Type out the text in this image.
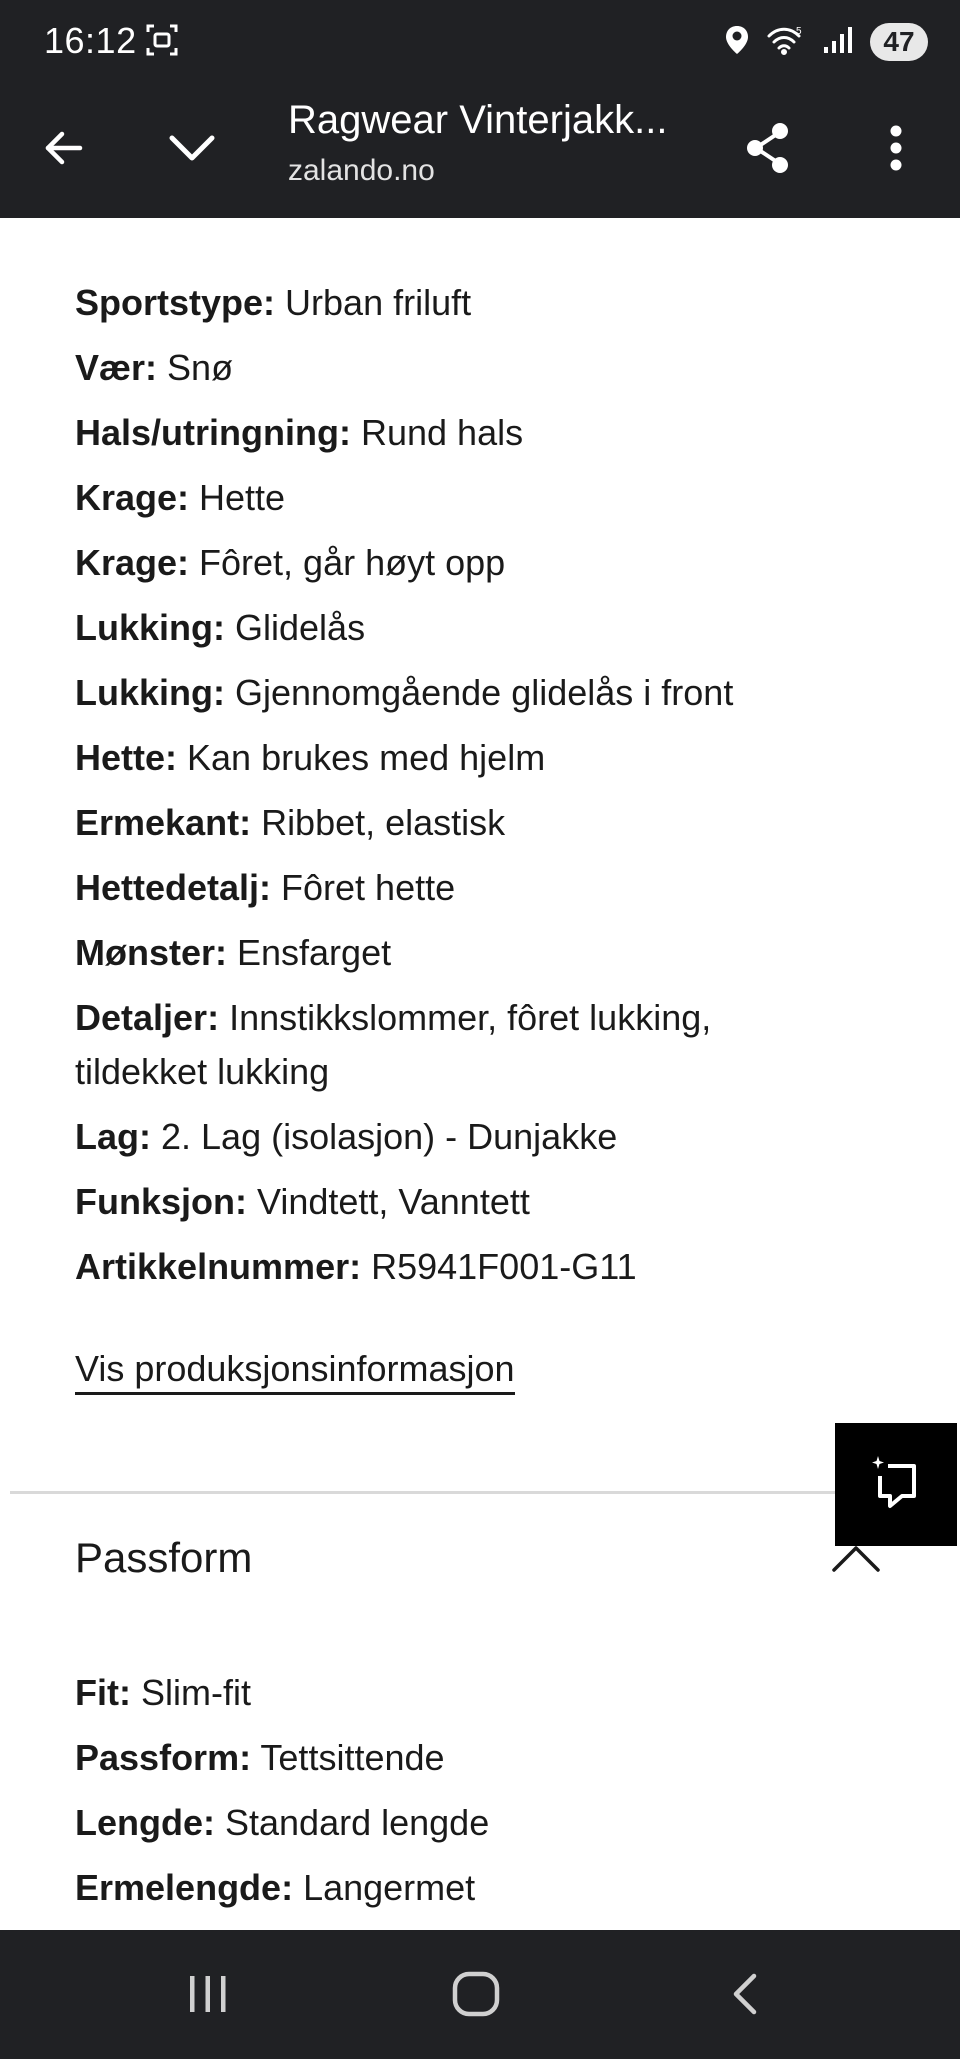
16:12	5	47
Ragwear Vinterjakk...
zalando.no
Sportstype: Urban friluft
Vær: Snø
Hals/utringning: Rund hals
Krage: Hette
Krage: Fôret, går høyt opp
Lukking: Glidelås
Lukking: Gjennomgående glidelås i front
Hette: Kan brukes med hjelm
Ermekant: Ribbet, elastisk
Hettedetalj: Fôret hette
Mønster: Ensfarget
Detaljer: Innstikkslommer, fôret lukking, tildekket lukking
Lag: 2. Lag (isolasjon) - Dunjakke
Funksjon: Vindtett, Vanntett
Artikkelnummer: R5941F001-G11
Vis produksjonsinformasjon
Passform
Fit: Slim-fit
Passform: Tettsittende
Lengde: Standard lengde
Ermelengde: Langermet
